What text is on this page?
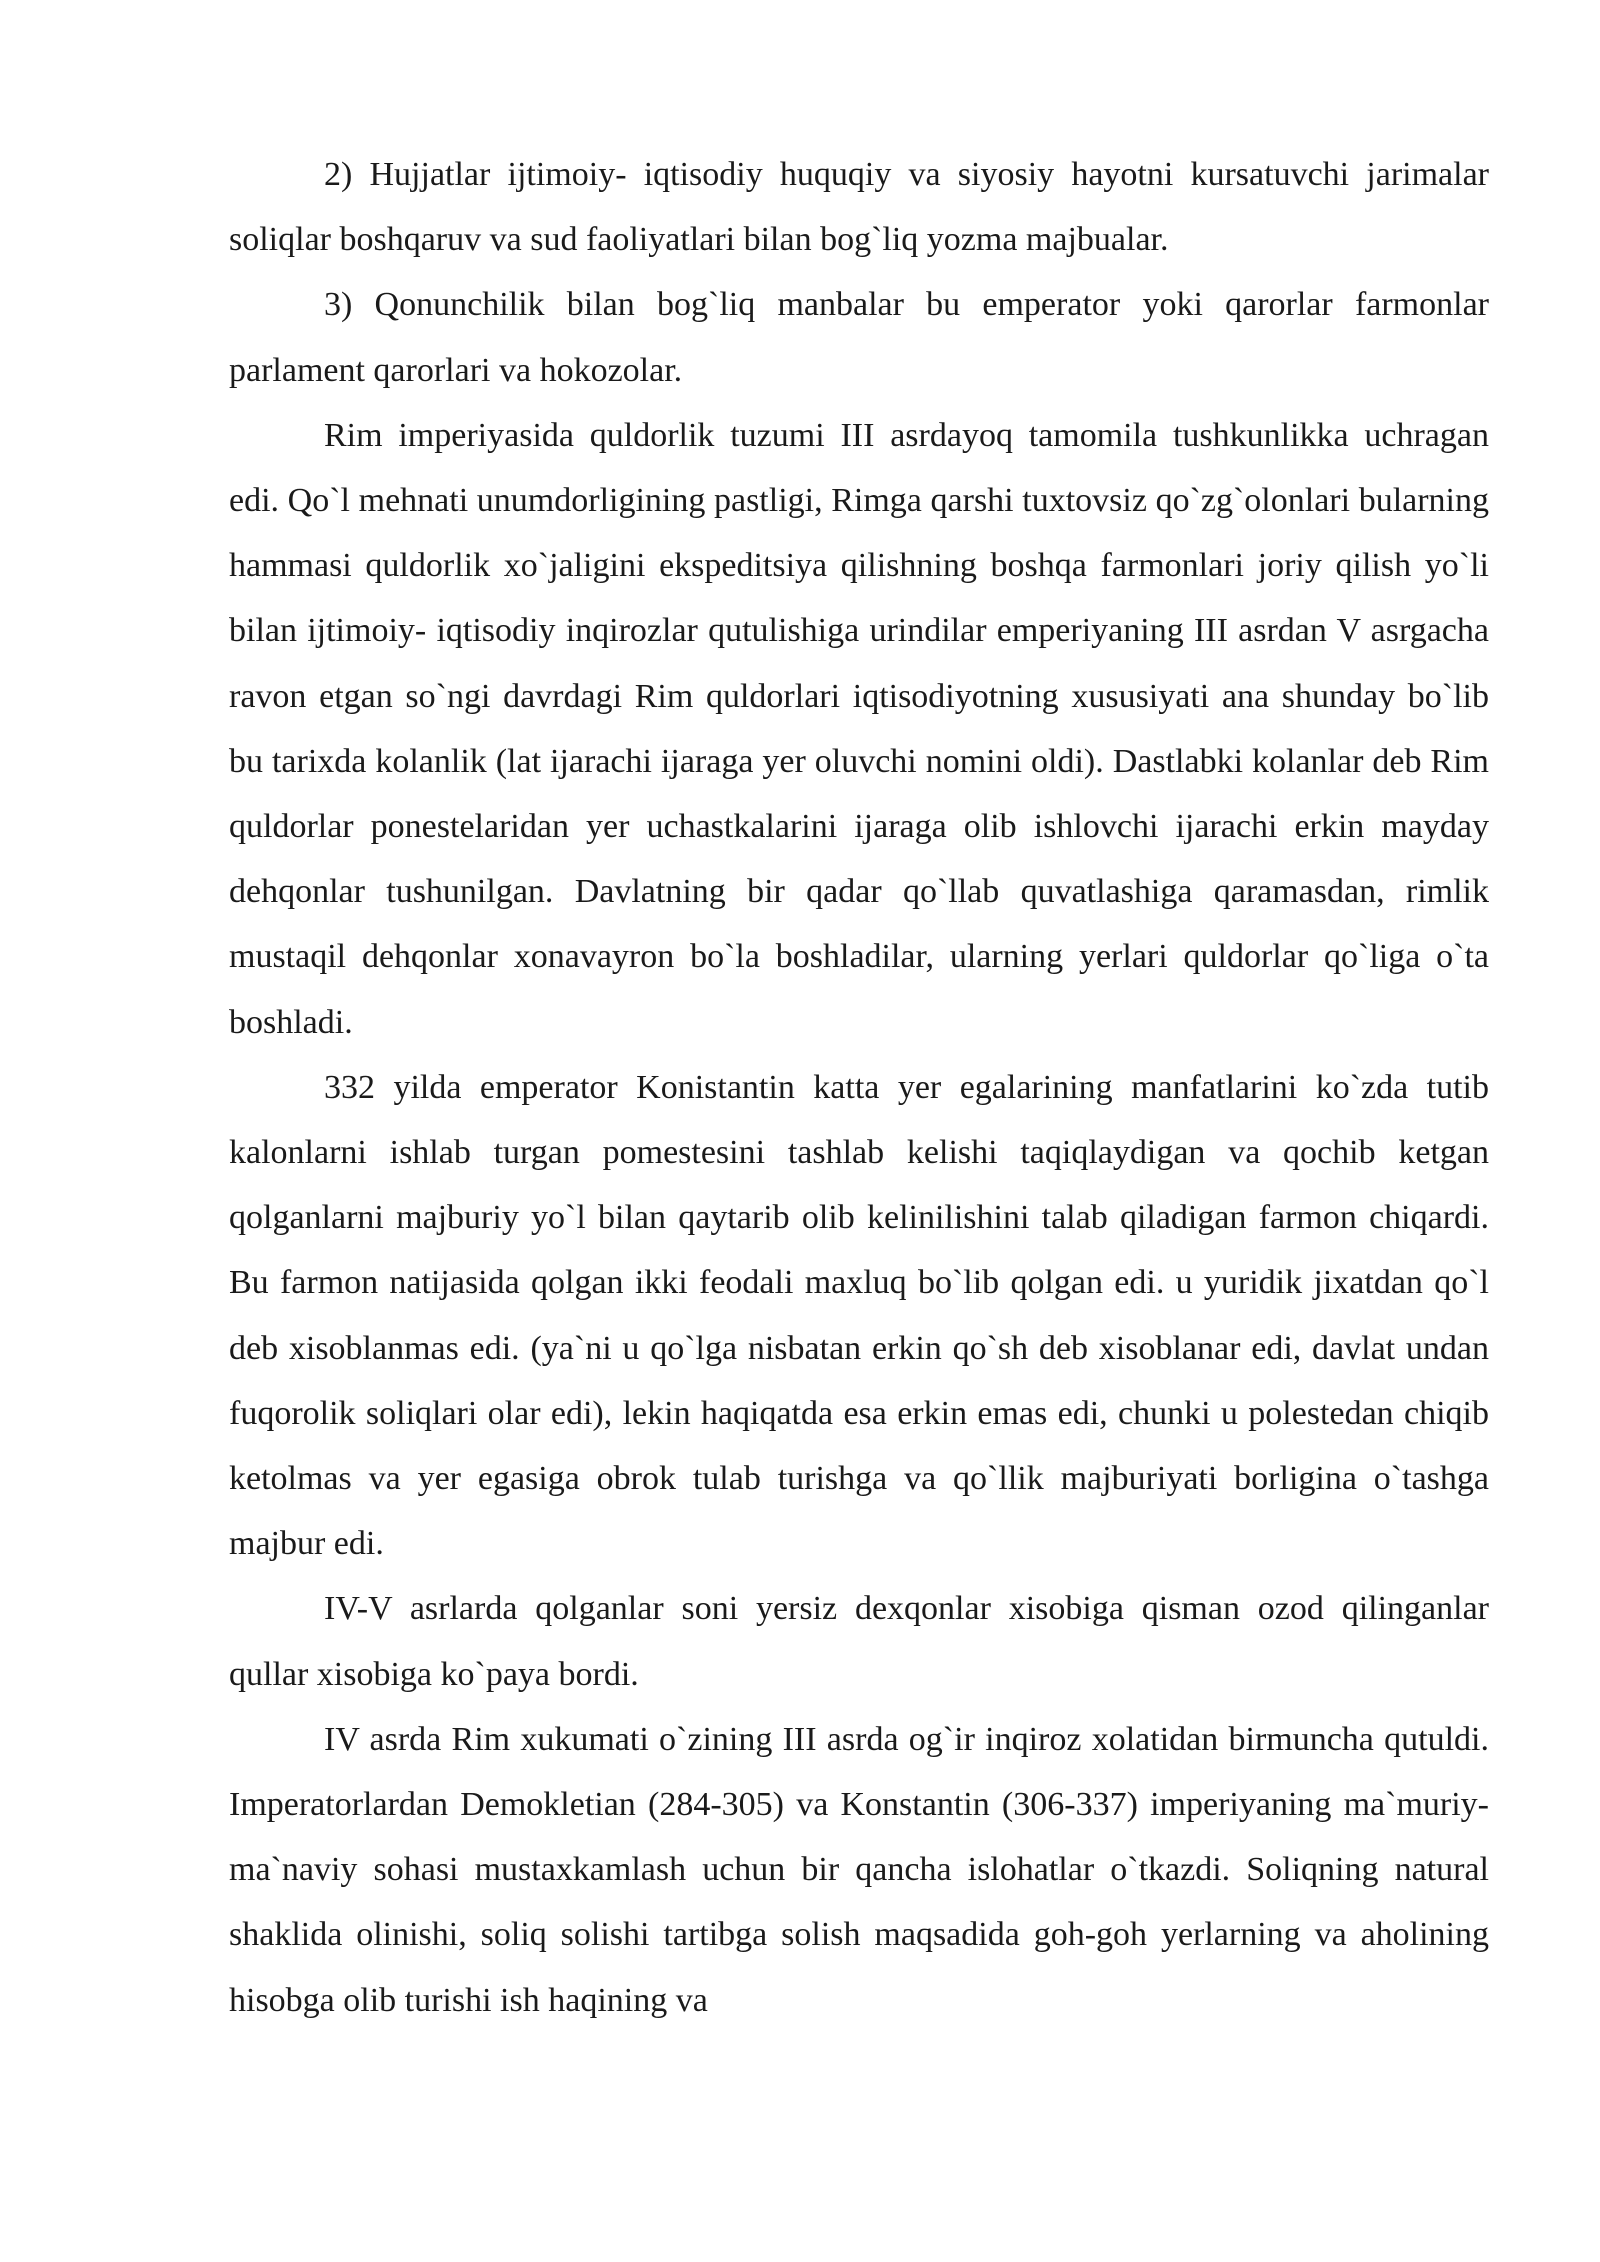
2) Hujjatlar ijtimoiy- iqtisodiy huquqiy va siyosiy hayotni kursatuvchi jarimalar soliqlar boshqaruv va sud faoliyatlari bilan bog`liq yozma majbualar.

3) Qonunchilik bilan bog`liq manbalar bu emperator yoki qarorlar farmonlar parlament qarorlari va hokozolar.

Rim imperiyasida quldorlik tuzumi III asrdayoq tamomila tushkunlikka uchragan edi. Qo`l mehnati unumdorligining pastligi, Rimga qarshi tuxtovsiz qo`zg`olonlari bularning hammasi quldorlik xo`jaligini ekspeditsiya qilishning boshqa farmonlari joriy qilish yo`li bilan ijtimoiy- iqtisodiy inqirozlar qutulishiga urindilar emperiyaning III asrdan V asrgacha ravon etgan so`ngi davrdagi Rim quldorlari iqtisodiyotning xususiyati ana shunday bo`lib bu tarixda kolanlik (lat ijarachi ijaraga yer oluvchi nomini oldi). Dastlabki kolanlar deb Rim quldorlar ponestelaridan yer uchastkalarini ijaraga olib ishlovchi ijarachi erkin mayday dehqonlar tushunilgan. Davlatning bir qadar qo`llab quvatlashiga qaramasdan, rimlik mustaqil dehqonlar xonavayron bo`la boshladilar, ularning yerlari quldorlar qo`liga o`ta boshladi.

332 yilda emperator Konistantin katta yer egalarining manfatlarini ko`zda tutib kalonlarni ishlab turgan pomestesini tashlab kelishi taqiqlaydigan va qochib ketgan qolganlarni majburiy yo`l bilan qaytarib olib kelinilishini talab qiladigan farmon chiqardi. Bu farmon natijasida qolgan ikki feodali maxluq bo`lib qolgan edi. u yuridik jixatdan qo`l deb xisoblanmas edi. (ya`ni u qo`lga nisbatan erkin qo`sh deb xisoblanar edi, davlat undan fuqorolik soliqlari olar edi), lekin haqiqatda esa erkin emas edi, chunki u polestedan chiqib ketolmas va yer egasiga obrok tulab turishga va qo`llik majburiyati borligina o`tashga majbur edi.

IV-V asrlarda qolganlar soni yersiz dexqonlar xisobiga qisman ozod qilinganlar qullar xisobiga ko`paya bordi.

IV asrda Rim xukumati o`zining III asrda og`ir inqiroz xolatidan birmuncha qutuldi. Imperatorlardan Demokletian (284-305) va Konstantin (306-337) imperiyaning ma`muriy- ma`naviy sohasi mustaxkamlash uchun bir qancha islohatlar o`tkazdi. Soliqning natural shaklida olinishi, soliq solishi tartibga solish maqsadida goh-goh yerlarning va aholining hisobga olib turishi ish haqining va
